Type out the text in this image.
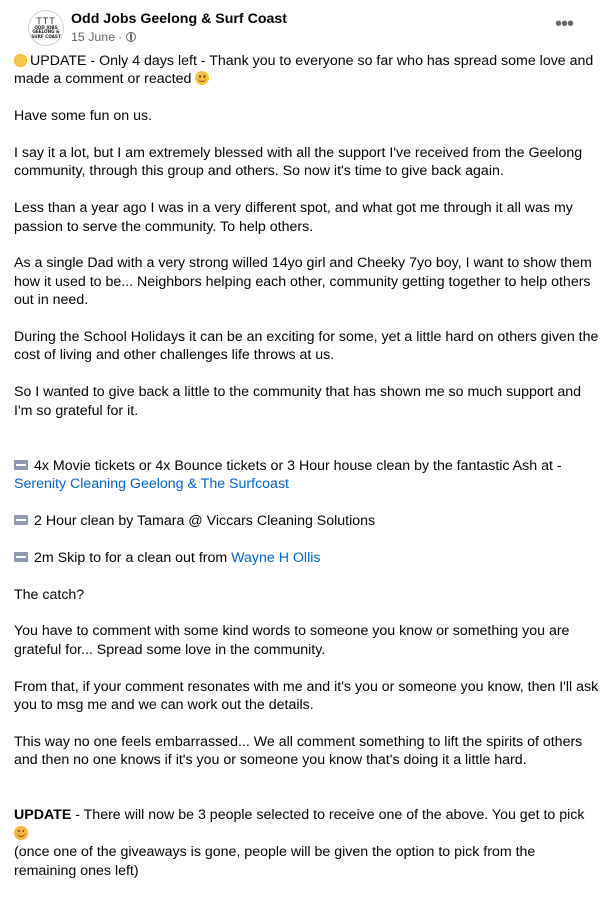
TTT
ODD JOBS GEELONG & SURF COAST
Odd Jobs Geelong & Surf Coast
15 June ·
•••

UPDATE - Only 4 days left - Thank you to everyone so far who has spread some love and made a comment or reacted

Have some fun on us.

I say it a lot, but I am extremely blessed with all the support I've received from the Geelong community, through this group and others. So now it's time to give back again.

Less than a year ago I was in a very different spot, and what got me through it all was my passion to serve the community. To help others.

As a single Dad with a very strong willed 14yo girl and Cheeky 7yo boy, I want to show them how it used to be... Neighbors helping each other, community getting together to help others out in need.

During the School Holidays it can be an exciting for some, yet a little hard on others given the cost of living and other challenges life throws at us.

So I wanted to give back a little to the community that has shown me so much support and I'm so grateful for it.

4x Movie tickets or 4x Bounce tickets or 3 Hour house clean by the fantastic Ash at - Serenity Cleaning Geelong & The Surfcoast

2 Hour clean by Tamara @ Viccars Cleaning Solutions

2m Skip to for a clean out from Wayne H Ollis

The catch?

You have to comment with some kind words to someone you know or something you are grateful for... Spread some love in the community.

From that, if your comment resonates with me and it's you or someone you know, then I'll ask you to msg me and we can work out the details.

This way no one feels embarrassed... We all comment something to lift the spirits of others and then no one knows if it's you or someone you know that's doing it a little hard.

UPDATE - There will now be 3 people selected to receive one of the above. You get to pick
(once one of the giveaways is gone, people will be given the option to pick from the remaining ones left)
